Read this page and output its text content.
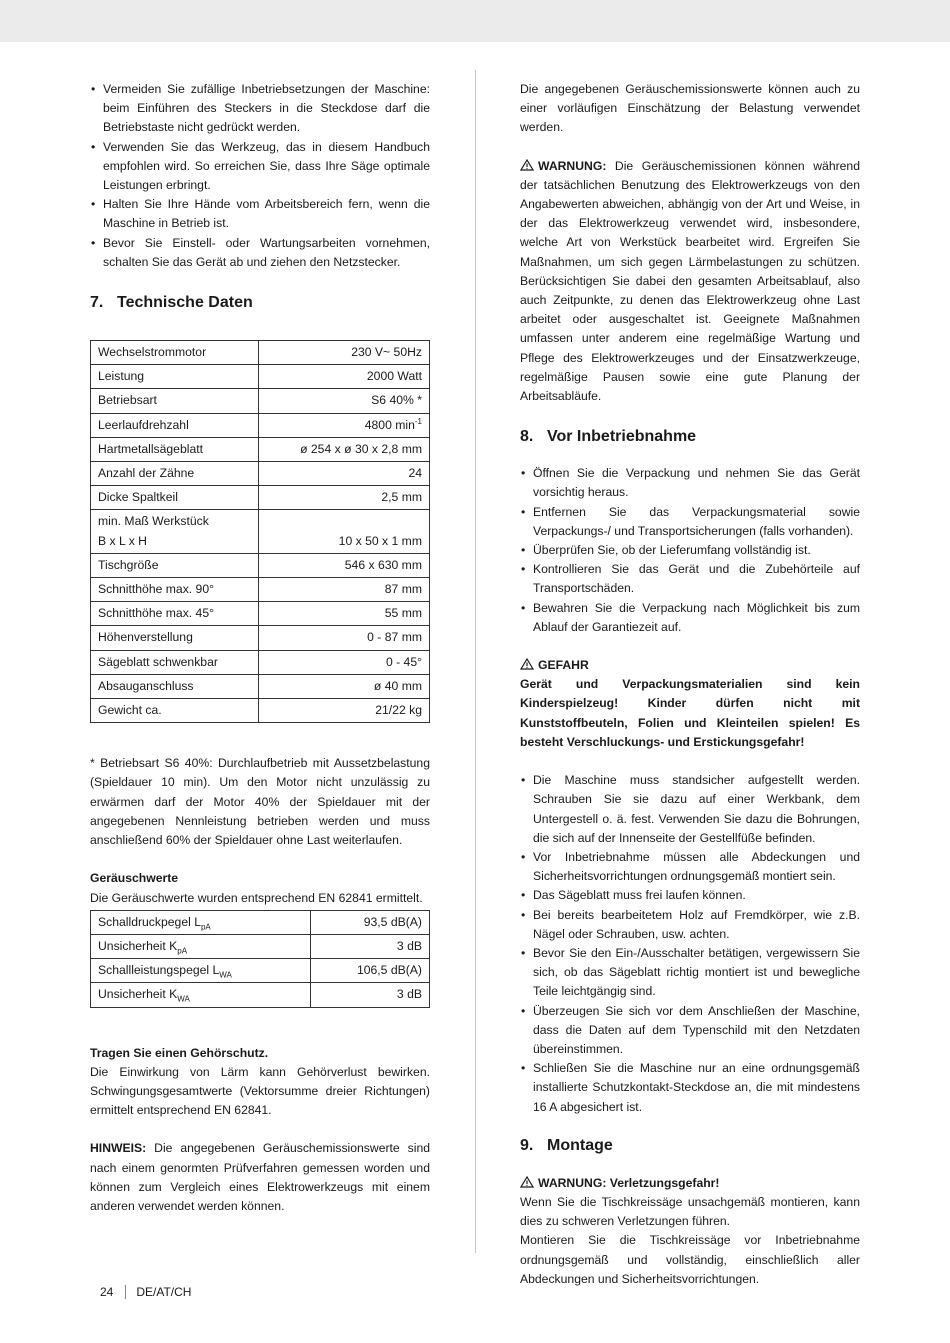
• Vermeiden Sie zufällige Inbetriebsetzungen der Maschine: beim Einführen des Steckers in die Steckdose darf die Betriebstaste nicht gedrückt werden.
• Verwenden Sie das Werkzeug, das in diesem Handbuch empfohlen wird. So erreichen Sie, dass Ihre Säge optimale Leistungen erbringt.
• Halten Sie Ihre Hände vom Arbeitsbereich fern, wenn die Maschine in Betrieb ist.
• Bevor Sie Einstell- oder Wartungsarbeiten vornehmen, schalten Sie das Gerät ab und ziehen den Netzstecker.
7. Technische Daten
Wechselstrommotor	230 V~ 50Hz
Leistung	2000 Watt
Betriebsart	S6 40% *
Leerlaufdrehzahl	4800 $\min^{-1}$
Hartmetallsägeblatt	ø 254 x ø 30 x 2,8 mm
Anzahl der Zähne	24
Dicke Spaltkeil	2,5 mm
min. Maß Werkstück
B x L x H	10 x 50 x 1 mm
Tischgröße	546 x 630 mm
Schnitthöhe max. 90°	87 mm
Schnitthöhe max. 45°	55 mm
Höhenverstellung	0 - 87 mm
Sägeblatt schwenkbar	0 - 45°
Absauganschluss	ø 40 mm
Gewicht ca.	21/22 kg

* Betriebsart S6 40%: Durchlaufbetrieb mit Aussetzbelastung (Spieldauer 10 min). Um den Motor nicht unzulässig zu erwärmen darf der Motor 40% der Spieldauer mit der angegebenen Nennleistung betrieben werden und muss anschließend 60% der Spieldauer ohne Last weiterlaufen.

Geräuschwerte

Die Geräuschwerte wurden entsprechend EN 62841 ermittelt.

Schalldruckpegel $L_{pA}$	93,5 dB(A)
Unsicherheit $K_{pA}$	3 dB
Schallleistungspegel $L_{WA}$	106,5 dB(A)
Unsicherheit $K_{WA}$	3 dB

Tragen Sie einen Gehörschutz.

Die Einwirkung von Lärm kann Gehörverlust bewirken. Schwingungsgesamtwerte (Vektorsumme dreier Richtungen) ermittelt entsprechend EN 62841.

HINWEIS: Die angegebenen Geräuschemissionswerte sind nach einem genormten Prüfverfahren gemessen worden und können zum Vergleich eines Elektrowerkzeugs mit einem anderen verwendet werden können.

Die angegebenen Geräuschemissionswerte können auch zu einer vorläufigen Einschätzung der Belastung verwendet werden.

WARNUNG: Die Geräuschemissionen können während der tatsächlichen Benutzung des Elektrowerkzeugs von den Angabewerten abweichen, abhängig von der Art und Weise, in der das Elektrowerkzeug verwendet wird, insbesondere, welche Art von Werkstück bearbeitet wird. Ergreifen Sie Maßnahmen, um sich gegen Lärmbelastungen zu schützen. Berücksichtigen Sie dabei den gesamten Arbeitsablauf, also auch Zeitpunkte, zu denen das Elektrowerkzeug ohne Last arbeitet oder ausgeschaltet ist. Geeignete Maßnahmen umfassen unter anderem eine regelmäßige Wartung und Pflege des Elektrowerkzeuges und der Einsatzwerkzeuge, regelmäßige Pausen sowie eine gute Planung der Arbeitsabläufe.

8. Vor Inbetriebnahme
• Öffnen Sie die Verpackung und nehmen Sie das Gerät vorsichtig heraus.
• Entfernen Sie das Verpackungsmaterial sowie Verpackungs-/ und Transportsicherungen (falls vorhanden).
• Überprüfen Sie, ob der Lieferumfang vollständig ist.
• Kontrollieren Sie das Gerät und die Zubehörteile auf Transportschäden.
• Bewahren Sie die Verpackung nach Möglichkeit bis zum Ablauf der Garantiezeit auf.

GEFAHR

Gerät und Verpackungsmaterialien sind kein Kinderspielzeug! Kinder dürfen nicht mit Kunststoffbeuteln, Folien und Kleinteilen spielen! Es besteht Verschluckungs- und Erstickungsgefahr!

• Die Maschine muss standsicher aufgestellt werden. Schrauben Sie sie dazu auf einer Werkbank, dem Untergestell o. ä. fest. Verwenden Sie dazu die Bohrungen, die sich auf der Innenseite der Gestellfüße befinden.
• Vor Inbetriebnahme müssen alle Abdeckungen und Sicherheitsvorrichtungen ordnungsgemäß montiert sein.
• Das Sägeblatt muss frei laufen können.
• Bei bereits bearbeitetem Holz auf Fremdkörper, wie z.B. Nägel oder Schrauben, usw. achten.
• Bevor Sie den Ein-/Ausschalter betätigen, vergewissern Sie sich, ob das Sägeblatt richtig montiert ist und bewegliche Teile leichtgängig sind.
• Überzeugen Sie sich vor dem Anschließen der Maschine, dass die Daten auf dem Typenschild mit den Netzdaten übereinstimmen.
• Schließen Sie die Maschine nur an eine ordnungsgemäß installierte Schutzkontakt-Steckdose an, die mit mindestens 16 A abgesichert ist.
9. Montage

WARNUNG: Verletzungsgefahr!

Wenn Sie die Tischkreissäge unsachgemäß montieren, kann dies zu schweren Verletzungen führen.

Montieren Sie die Tischkreissäge vor Inbetriebnahme ordnungsgemäß und vollständig, einschließlich aller Abdeckungen und Sicherheitsvorrichtungen.

24 DE/AT/CH
